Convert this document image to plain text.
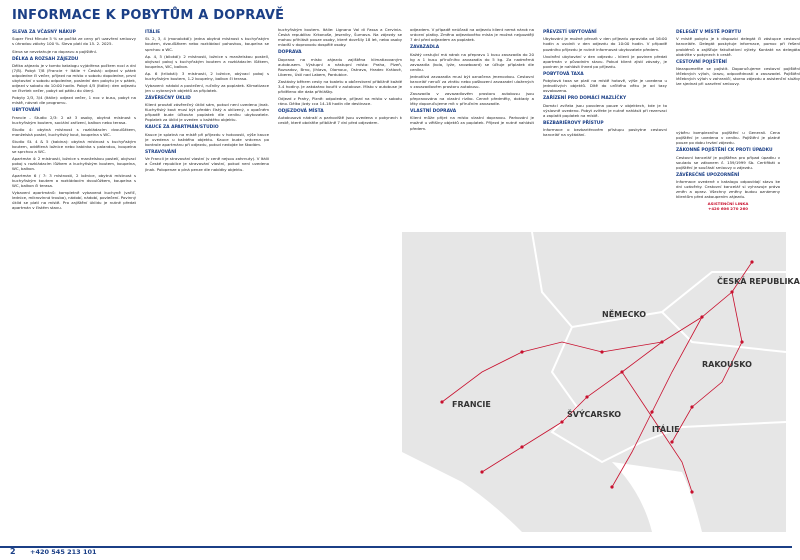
INFORMACE K POBYTŮM A DOPRAVĚ
SLEVA ZA VČASNÝ NÁKUP

Super First Minute 5 % se počítá ze ceny při uzavření smlouvy s úhradou zálohy 100 %. Sleva platí do 15. 2. 2025.

Sleva se nevztahuje na dopravu a pojištění.

DÉLKA A ROZSAH ZÁJEZDU

Délka zájezdu je v tomto katalogu vyjádřena počtem nocí a dní (7/8). Pobyt 7/8 (Francie + Itálie + Česká): odjezd v pátek odpoledne či večer, příjezd na místo v sobotu dopoledne, první ubytování v sobotu odpoledne, poslední den pobytu je v pátek, odjezd v sobotu do 10:00 hodin. Pobyt 4/5 (Itálie): den odjezdu ve čtvrtek večer, pobyt od pátku do úterý.

Pobyty 2/3, 3/4 (Itálie): odjezd večer, 1 noc v busu, pobyt na místě, návrat dle programu.

UBYTOVÁNÍ

Francie - Studio 2/3: 2 až 3 osoby, obytná místnost s kuchyňským koutem, sociální zařízení, balkon nebo terasa.

Studio 4: obytná místnost s rozkládacím dvoulůžkem, manželská postel, kuchyňský kout, koupelna s WC.

Studio St. 4 & 5 (kabina): obytná místnost s kuchyňským koutem, oddělená ložnice nebo kabinka s palandou, koupelna se sprchou a WC.

Apartmán 4: 2 místnosti, ložnice s manželskou postelí, obývací pokoj s rozkládacím lůžkem a kuchyňským koutem, koupelna, WC, balkon.

Apartmán 6 / 7: 3 místnosti, 2 ložnice, obytná místnost s kuchyňským koutem a rozkládacím dvoulůžkem, koupelna s WC, balkon či terasa.

Vybavení apartmánů: kompletně vybavená kuchyně (vařič, lednice, mikrovlnná trouba), nádobí, nádobí, povlečení. Povinný úklid se platí na místě. Pro zajištění úklidu je nutné předat apartmán v čistém stavu.

ITÁLIE

St. 2, 3, 4 (monolokál): jedna obytná místnost s kuchyňským koutem, dvoulůžkem nebo rozkládací pohovkou, koupelna se sprchou a WC.

Ap. 4, 5 (bilokál): 2 místnosti, ložnice s manželskou postelí, obývací pokoj s kuchyňským koutem a rozkládacím lůžkem, koupelna, WC, balkon.

Ap. 6 (trilokál): 3 místnosti, 2 ložnice, obývací pokoj s kuchyňským koutem, 1-2 koupelny, balkon či terasa.

Vybavení: nádobí a povlečení, ručníky za poplatek. Klimatizace jen u vybraných objektů za příplatek.

ZÁVĚREČNÝ ÚKLID

Klient provádí závěrečný úklid sám, pokud není uvedeno jinak. Kuchyňský kout musí být předán čistý a uklizený, v opačném případě bude účtován poplatek dle ceníku ubytovatele. Poplatek za úklid je uveden u každého objektu.

KAUCE ZA APARTMÁN/STUDIO

Kauce je splatná na místě při příjezdu v hotovosti, výše kauce je uvedena u každého objektu. Kauce bude vrácena po kontrole apartmánu při odjezdu, pokud nedojde ke škodám.

STRAVOVÁNÍ

Ve Francii je stravování vlastní (v ceně nejsou zahrnuty). V Itálii a České republice je stravování vlastní, pokud není uvedeno jinak. Polopenze a plná penze dle nabídky objektu.

kuchyňským koutem. Itálie: Lignano Val di Fassa a Cervinia. Česká republika: Krkonoše, Jeseníky, Šumava. Na zájezdy se mohou přihlásit pouze osoby, které dovršily 18 let, nebo osoby mladší v doprovodu dospělé osoby.

DOPRAVA

Doprava na místo zájezdu zajištěna klimatizovaným autobusem. Výstupní a nástupní místa: Praha, Plzeň, Rozvadov, Brno, Jihlava, Olomouc, Ostrava, Hradec Králové, Liberec, Ústí nad Labem, Pardubice.

Zastávky během cesty na toaletu a občerstvení přibližně každé 3-4 hodiny. Je zakázáno kouřit v autobuse. Místo v autobuse je přiděleno dle data přihlášky.

Odjezd z Prahy, Plzně: odpoledne, příjezd na místo v sobotu ráno. Délka jízdy cca 14-18 hodin dle destinace.

ODJEZDOVÁ MÍSTA

Autobusová nádraží a parkoviště jsou uvedena v pokynech k cestě, které obdržíte přibližně 7 dní před odjezdem.

odjezdem. V případě neúčasti na odjezdu klient nemá nárok na vrácení platby. Změna odjezdového místa je možná nejpozději 7 dní před odjezdem za poplatek.

ZAVAZADLA

Každý cestující má nárok na přepravu 1 kusu zavazadla do 20 kg a 1 kusu příručního zavazadla do 5 kg. Za nadměrná zavazadla (kola, lyže, snowboard) se účtuje příplatek dle ceníku.

Jednotlivá zavazadla musí být označena jmenovkou. Cestovní kancelář neručí za ztrátu nebo poškození zavazadel uložených v zavazadlovém prostoru autobusu.

Zavazadla v zavazadlovém prostoru autobusu jsou přepravována na vlastní riziko. Cenné předměty, doklady a léky doporučujeme mít v příručním zavazadle.

VLASTNÍ DOPRAVA

Klient může přijet na místo vlastní dopravou. Parkování je možné u většiny objektů za poplatek. Příjezd je nutné nahlásit předem.

PŘEVZETÍ UBYTOVÁNÍ

Ubytování je možné převzít v den příjezdu zpravidla od 16:00 hodin a uvolnit v den odjezdu do 10:00 hodin. V případě pozdního příjezdu je nutné informovat ubytovatele předem.

Uvolnění ubytování v den odjezdu - klient je povinen předat apartmán v původním stavu. Pokud klient zjistí závady, je povinen je nahlásit ihned po příjezdu.

POBYTOVÁ TAXA

Pobytová taxa se platí na místě hotově, výše je uvedena u jednotlivých objektů. Dítě do určitého věku je od taxy osvobozeno.

ZAŘÍZENÍ PRO DOMÁCÍ MAZLÍČKY

Domácí zvířata jsou povolena pouze v objektech, kde je to výslovně uvedeno. Pobyt zvířete je nutné nahlásit při rezervaci a zaplatit poplatek na místě.

BEZBARIÉROVÝ PŘÍSTUP

Informace o bezbariérovém přístupu poskytne cestovní kancelář na vyžádání.

DELEGÁT V MÍSTĚ POBYTU

V místě pobytu je k dispozici delegát či zástupce cestovní kanceláře. Delegát poskytuje informace, pomoc při řešení problémů a zajišťuje fakultativní výlety. Kontakt na delegáta obdržíte v pokynech k cestě.

CESTOVNÍ POJIŠTĚNÍ

Nezapomeňte se pojistit. Doporučujeme cestovní pojištění léčebných výloh, úrazu, odpovědnosti a zavazadel. Pojištění léčebných výloh v zahraničí, storno zájezdu a asistenční služby lze sjednat při uzavření smlouvy.

ČESKÁ REPUBLIKA
NĚMECKO
RAKOUSKO
FRANCIE
ŠVÝCARSKO
ITÁLIE
2 +420 545 213 101

výběru komplexního pojištění u Generali. Cena pojištění je uvedena v ceníku. Pojištění je platné pouze po dobu trvání zájezdu.

ZÁKONNÉ POJIŠTĚNÍ CK PROTI ÚPADKU

Cestovní kancelář je pojištěna pro případ úpadku v souladu se zákonem č. 159/1999 Sb. Certifikát o pojištění je součástí smlouvy o zájezdu.

ZÁVĚREČNÉ UPOZORNĚNÍ

Informace uvedené v katalogu odpovídají stavu ke dni uzávěrky. Cestovní kancelář si vyhrazuje právo změn a oprav. Všechny změny budou oznámeny klientům před zakoupením zájezdu.

ASISTENČNÍ LINKA
+420 606 270 260
